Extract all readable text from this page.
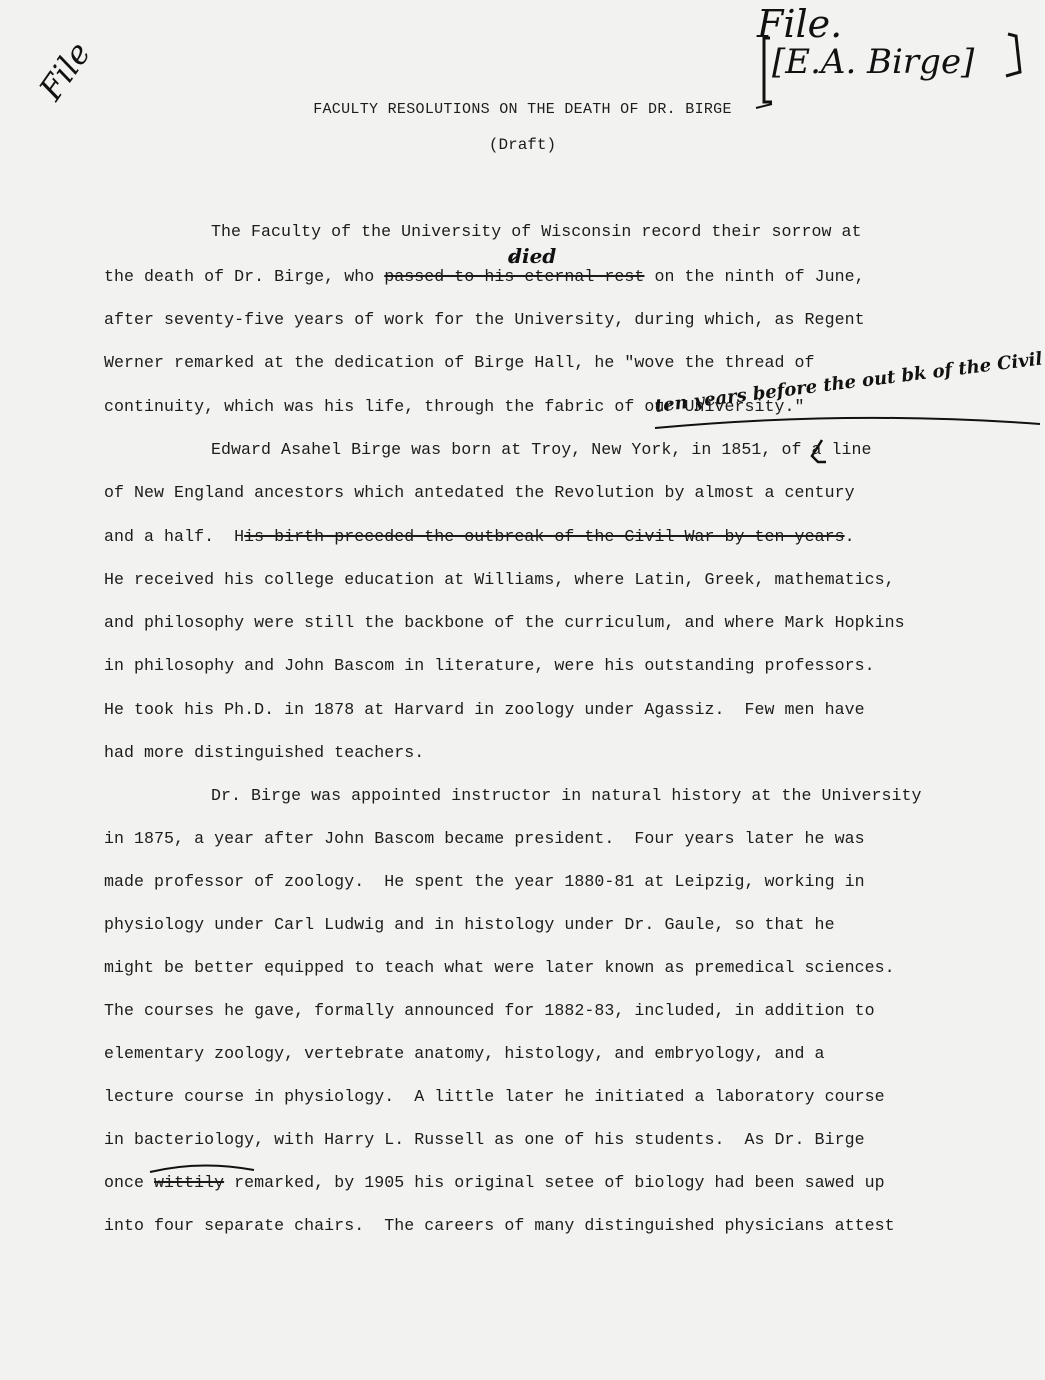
File
File.
[E.A. Birge]
FACULTY RESOLUTIONS ON THE DEATH OF DR. BIRGE
(Draft)
died
ten years before the out bk of the Civil
The Faculty of the University of Wisconsin record their sorrow at
the death of Dr. Birge, who passed to his eternal rest on the ninth of June,
after seventy-five years of work for the University, during which, as Regent
Werner remarked at the dedication of Birge Hall, he "wove the thread of
continuity, which was his life, through the fabric of our University."
Edward Asahel Birge was born at Troy, New York, in 1851, of a line
of New England ancestors which antedated the Revolution by almost a century
and a half.  His birth preceded the outbreak of the Civil War by ten years.
He received his college education at Williams, where Latin, Greek, mathematics,
and philosophy were still the backbone of the curriculum, and where Mark Hopkins
in philosophy and John Bascom in literature, were his outstanding professors.
He took his Ph.D. in 1878 at Harvard in zoology under Agassiz.  Few men have
had more distinguished teachers.
Dr. Birge was appointed instructor in natural history at the University
in 1875, a year after John Bascom became president.  Four years later he was
made professor of zoology.  He spent the year 1880-81 at Leipzig, working in
physiology under Carl Ludwig and in histology under Dr. Gaule, so that he
might be better equipped to teach what were later known as premedical sciences.
The courses he gave, formally announced for 1882-83, included, in addition to
elementary zoology, vertebrate anatomy, histology, and embryology, and a
lecture course in physiology.  A little later he initiated a laboratory course
in bacteriology, with Harry L. Russell as one of his students.  As Dr. Birge
once wittily remarked, by 1905 his original setee of biology had been sawed up
into four separate chairs.  The careers of many distinguished physicians attest
